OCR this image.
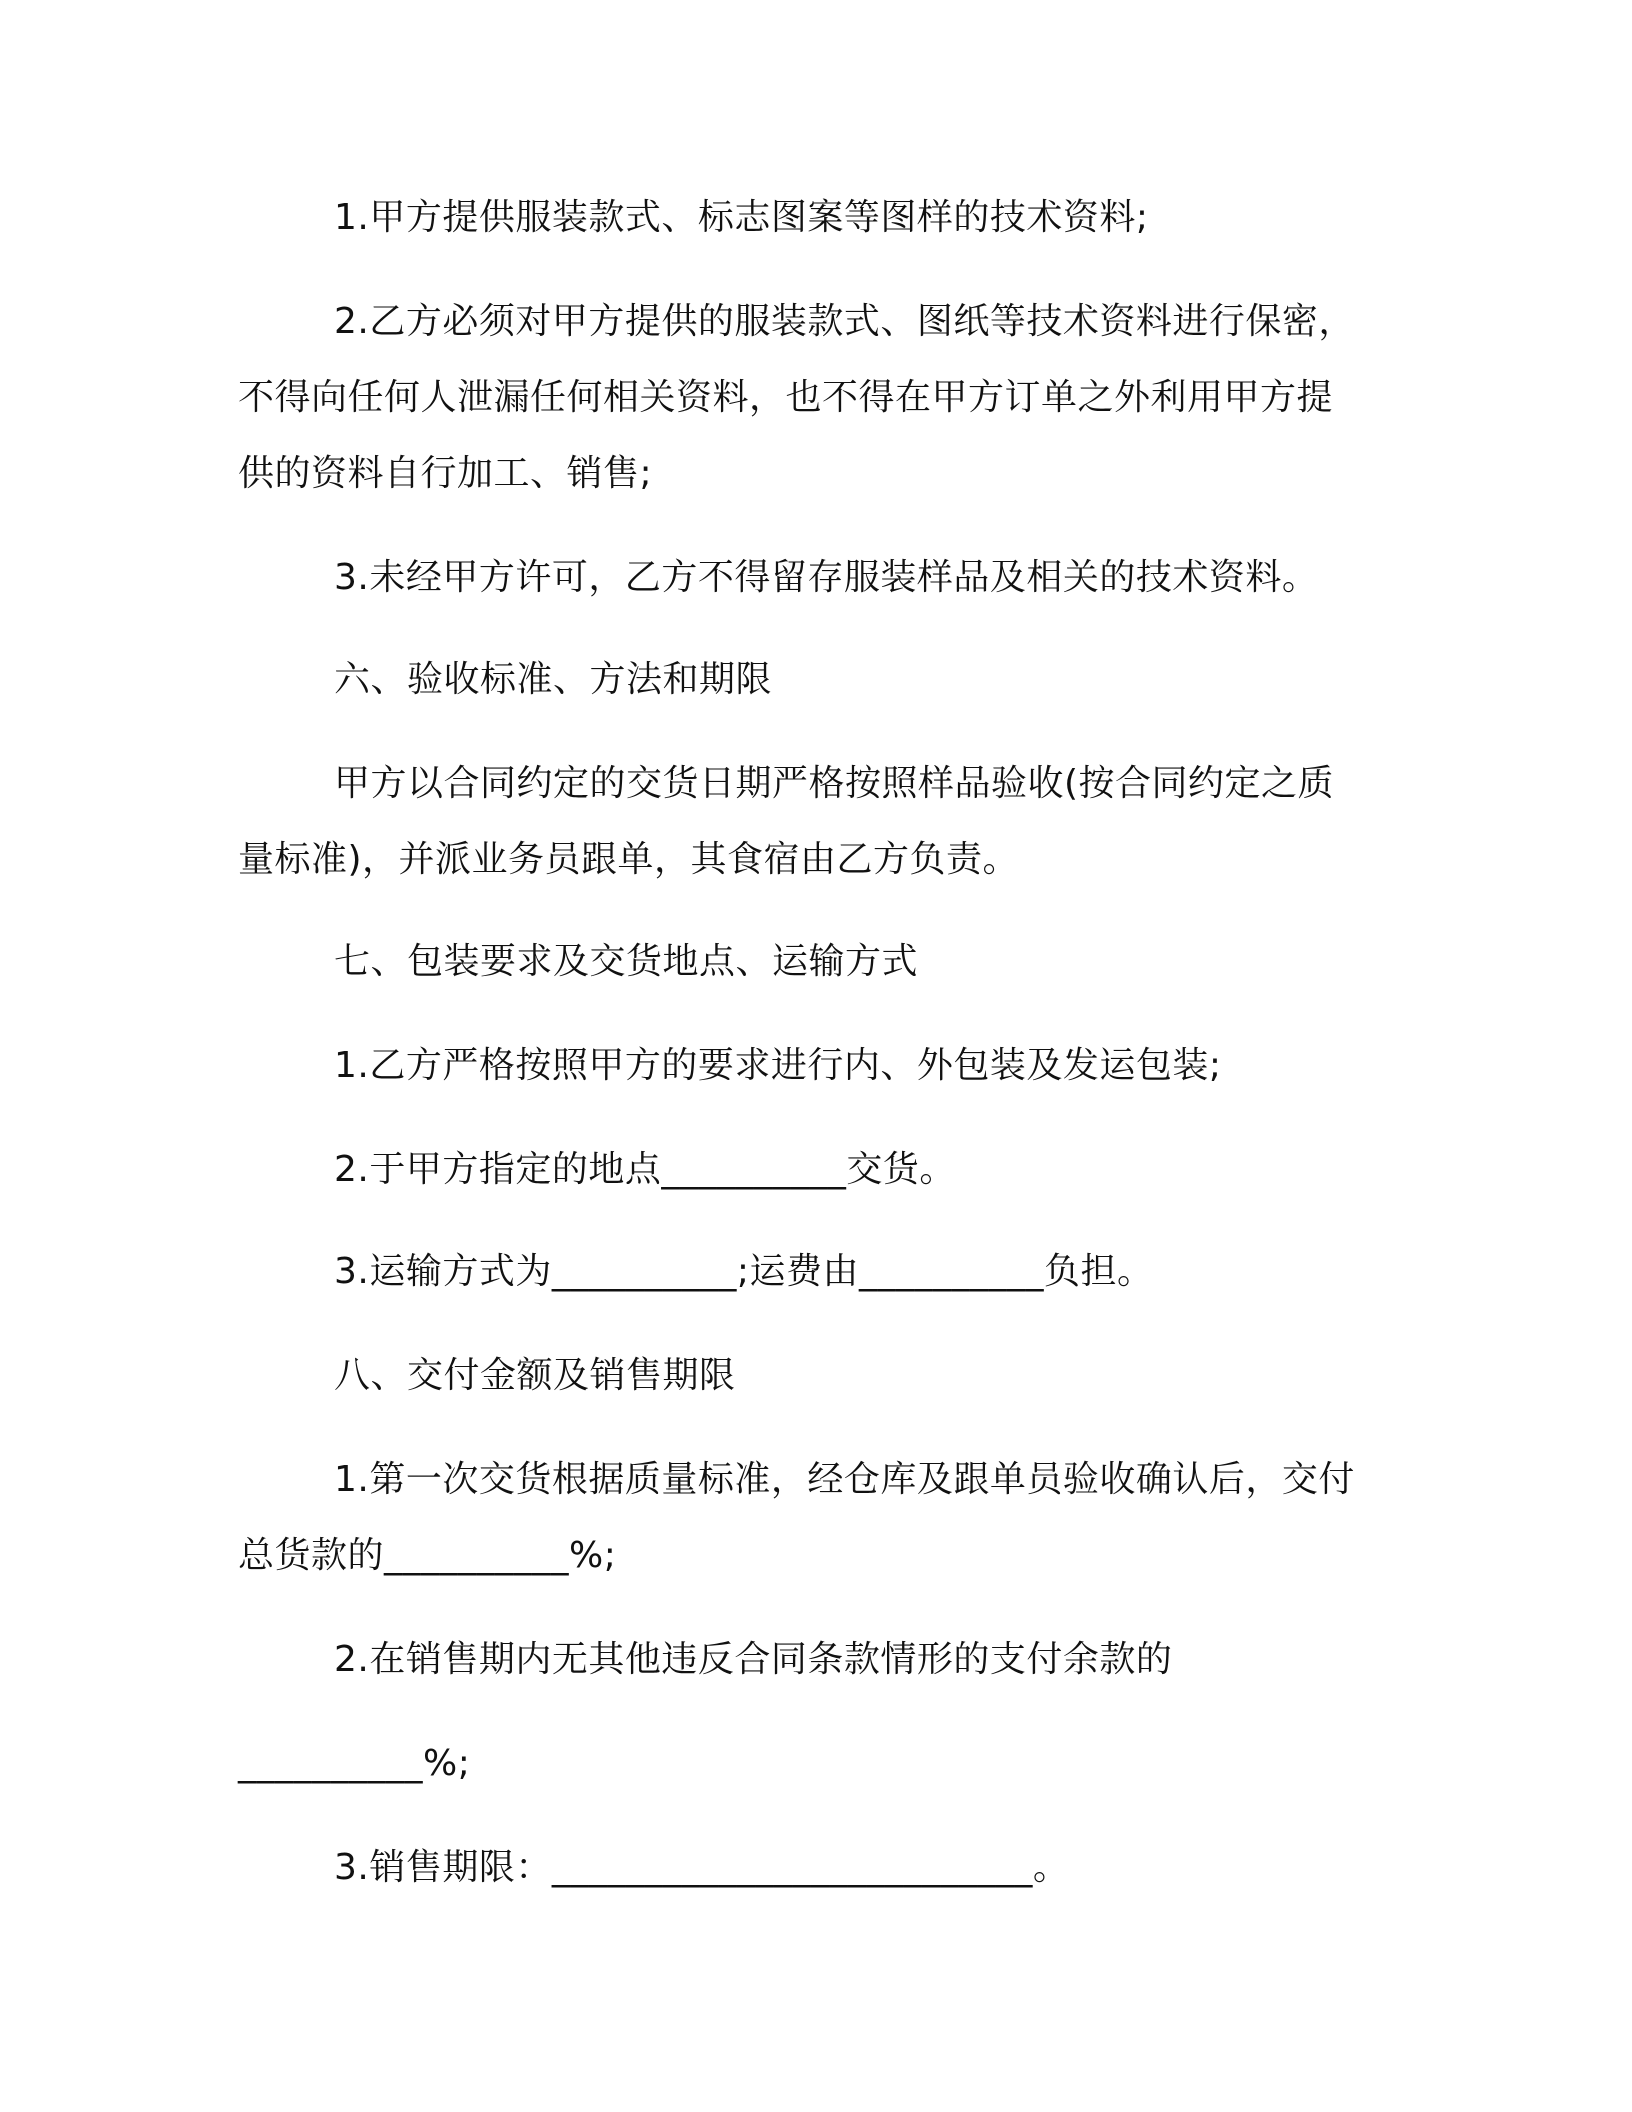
1.甲方提供服装款式、标志图案等图样的技术资料;
2.乙方必须对甲方提供的服装款式、图纸等技术资料进行保密，
不得向任何人泄漏任何相关资料，也不得在甲方订单之外利用甲方提
供的资料自行加工、销售;
3.未经甲方许可，乙方不得留存服装样品及相关的技术资料。
六、验收标准、方法和期限
甲方以合同约定的交货日期严格按照样品验收(按合同约定之质
量标准)，并派业务员跟单，其食宿由乙方负责。
七、包装要求及交货地点、运输方式
1.乙方严格按照甲方的要求进行内、外包装及发运包装;
2.于甲方指定的地点__________交货。
3.运输方式为__________;运费由__________负担。
八、交付金额及销售期限
1.第一次交货根据质量标准，经仓库及跟单员验收确认后，交付
总货款的__________%;
2.在销售期内无其他违反合同条款情形的支付余款的
__________%;
3.销售期限：__________________________。
